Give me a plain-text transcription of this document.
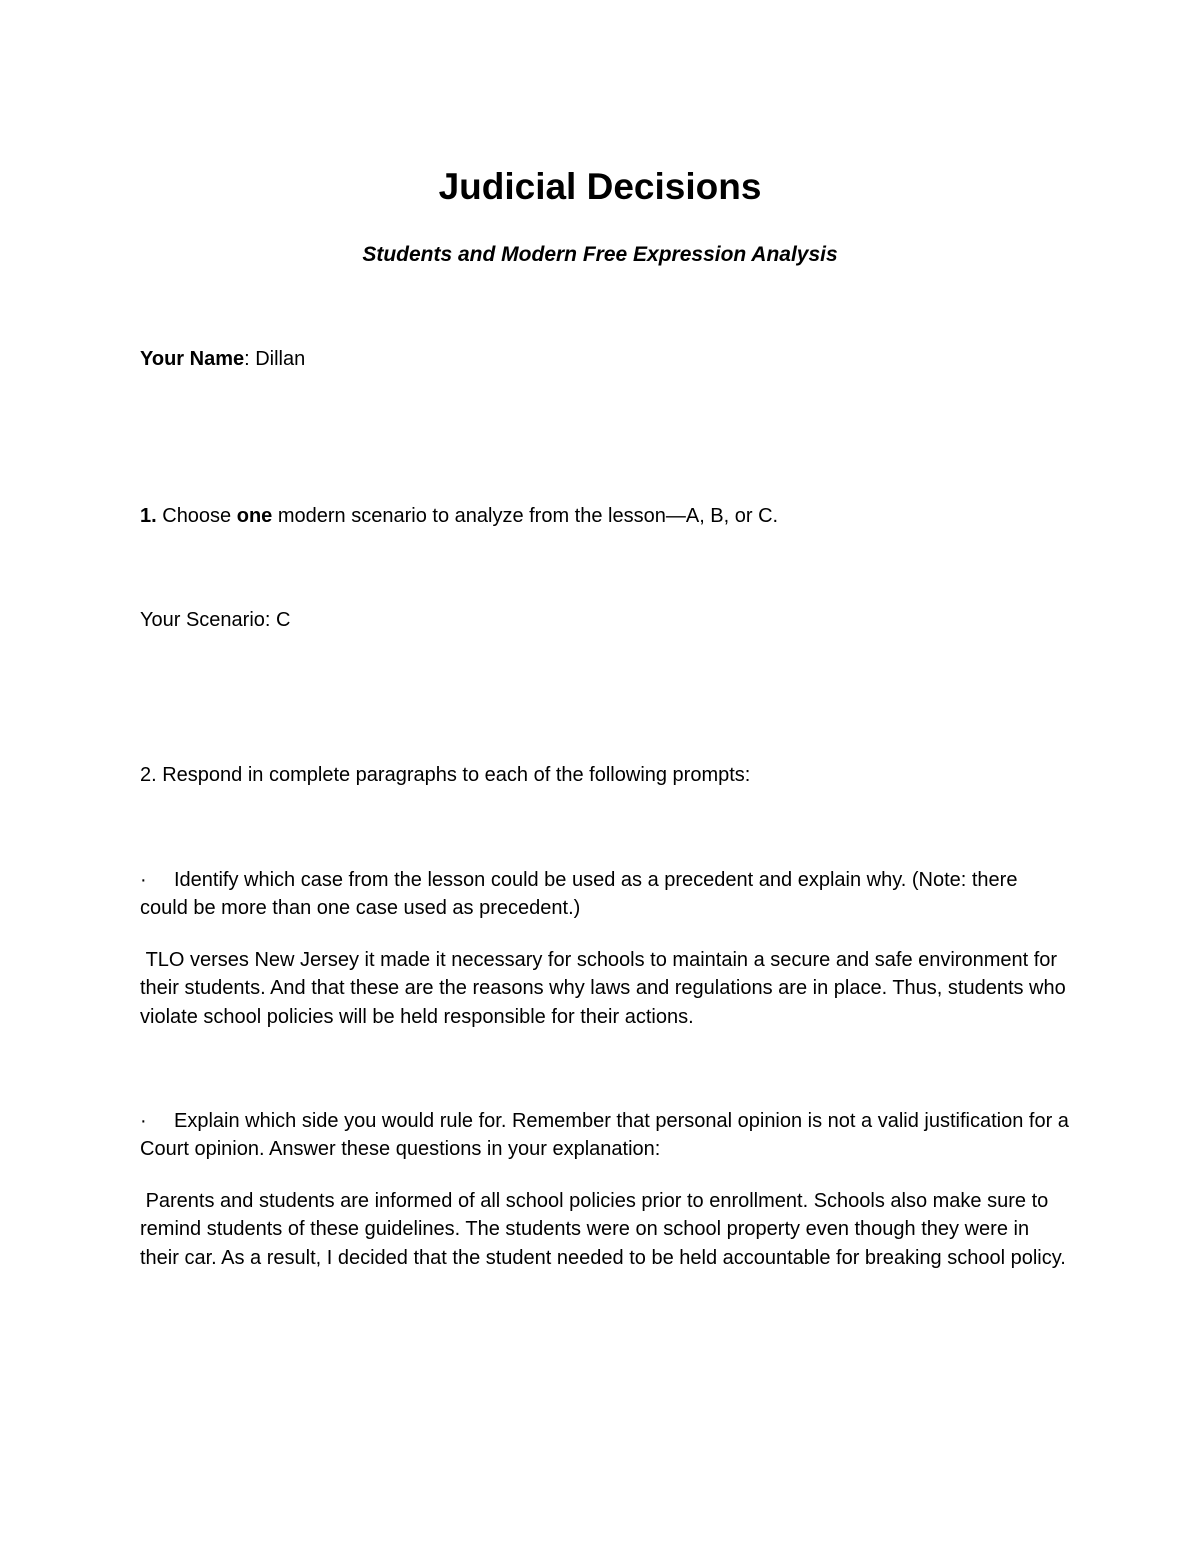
Judicial Decisions

Students and Modern Free Expression Analysis

Your Name: Dillan

1. Choose one modern scenario to analyze from the lesson—A, B, or C.

Your Scenario: C

2. Respond in complete paragraphs to each of the following prompts:

· Identify which case from the lesson could be used as a precedent and explain why. (Note: there could be more than one case used as precedent.)

TLO verses New Jersey it made it necessary for schools to maintain a secure and safe environment for their students. And that these are the reasons why laws and regulations are in place. Thus, students who violate school policies will be held responsible for their actions.

· Explain which side you would rule for. Remember that personal opinion is not a valid justification for a Court opinion. Answer these questions in your explanation:

Parents and students are informed of all school policies prior to enrollment. Schools also make sure to remind students of these guidelines. The students were on school property even though they were in their car. As a result, I decided that the student needed to be held accountable for breaking school policy.
